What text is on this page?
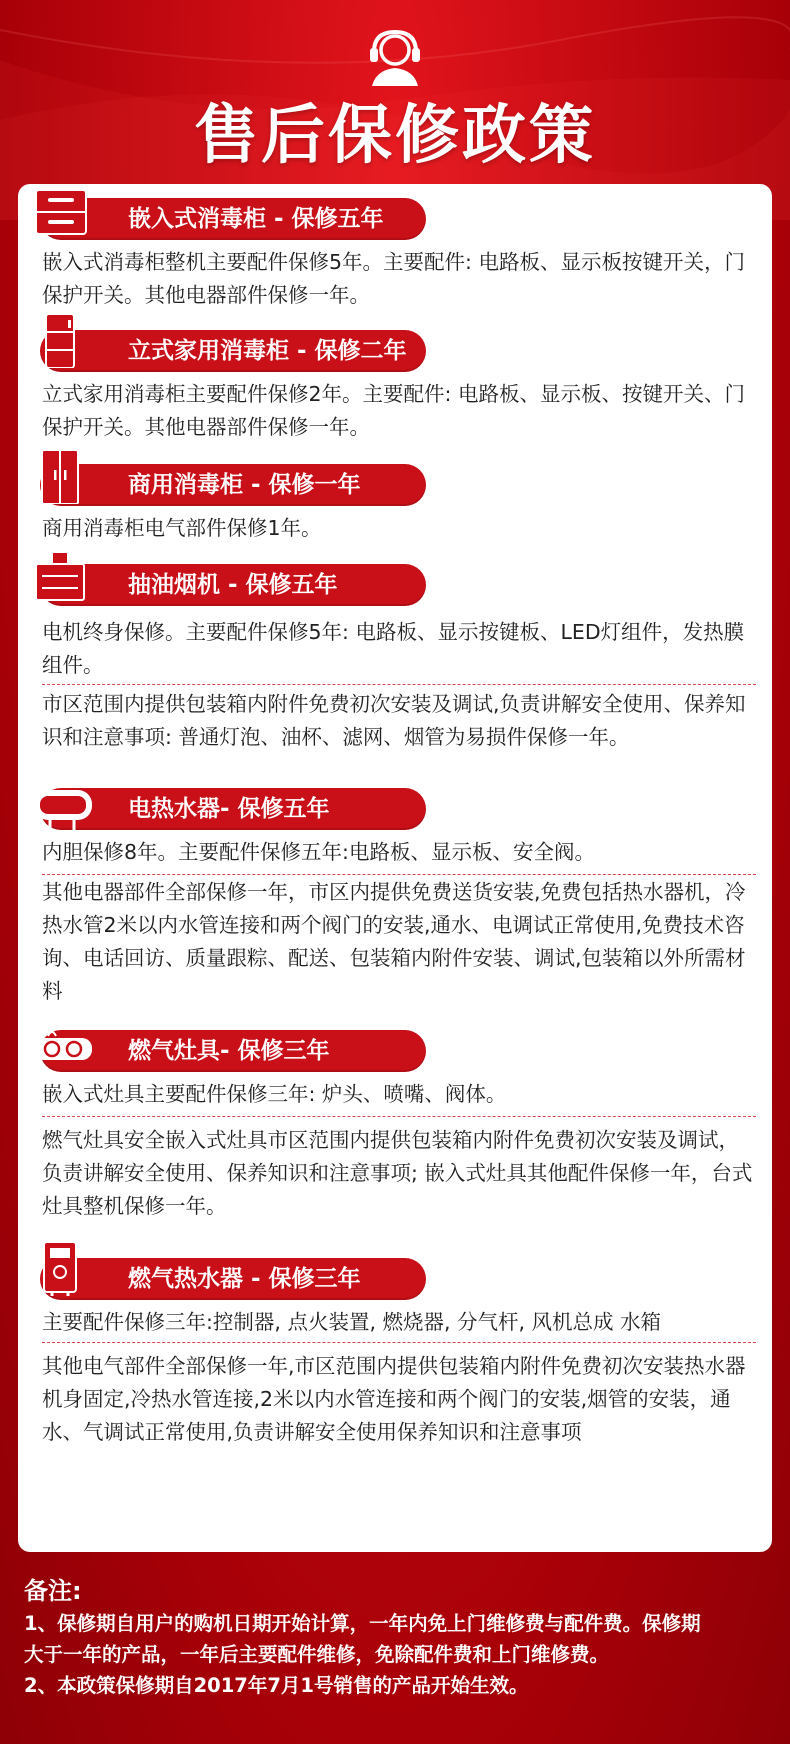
售后保修政策
嵌入式消毒柜 - 保修五年
嵌入式消毒柜整机主要配件保修5年。主要配件: 电路板、显示板按键开关，门保护开关。其他电器部件保修一年。
立式家用消毒柜 - 保修二年
立式家用消毒柜主要配件保修2年。主要配件: 电路板、显示板、按键开关、门保护开关。其他电器部件保修一年。
商用消毒柜 - 保修一年
商用消毒柜电气部件保修1年。
抽油烟机 - 保修五年
电机终身保修。主要配件保修5年: 电路板、显示按键板、LED灯组件，发热膜组件。
市区范围内提供包装箱内附件免费初次安装及调试,负责讲解安全使用、保养知识和注意事项: 普通灯泡、油杯、滤网、烟管为易损件保修一年。
电热水器- 保修五年
内胆保修8年。主要配件保修五年:电路板、显示板、安全阀。
其他电器部件全部保修一年，市区内提供免费送货安装,免费包括热水器机，冷热水管2米以内水管连接和两个阀门的安装,通水、电调试正常使用,免费技术咨询、电话回访、质量跟粽、配送、包装箱内附件安装、调试,包装箱以外所需材料
燃气灶具- 保修三年
嵌入式灶具主要配件保修三年: 炉头、喷嘴、阀体。
燃气灶具安全嵌入式灶具市区范围内提供包装箱内附件免费初次安装及调试，负责讲解安全使用、保养知识和注意事项; 嵌入式灶具其他配件保修一年，台式灶具整机保修一年。
燃气热水器 - 保修三年
主要配件保修三年:控制器, 点火装置, 燃烧器, 分气杆, 风机总成 水箱
其他电气部件全部保修一年,市区范围内提供包装箱内附件免费初次安装热水器机身固定,冷热水管连接,2米以内水管连接和两个阀门的安装,烟管的安装，通水、气调试正常使用,负责讲解安全使用保养知识和注意事项
备注:
1、保修期自用户的购机日期开始计算，一年内免上门维修费与配件费。保修期
大于一年的产品，一年后主要配件维修，免除配件费和上门维修费。
2、本政策保修期自2017年7月1号销售的产品开始生效。
